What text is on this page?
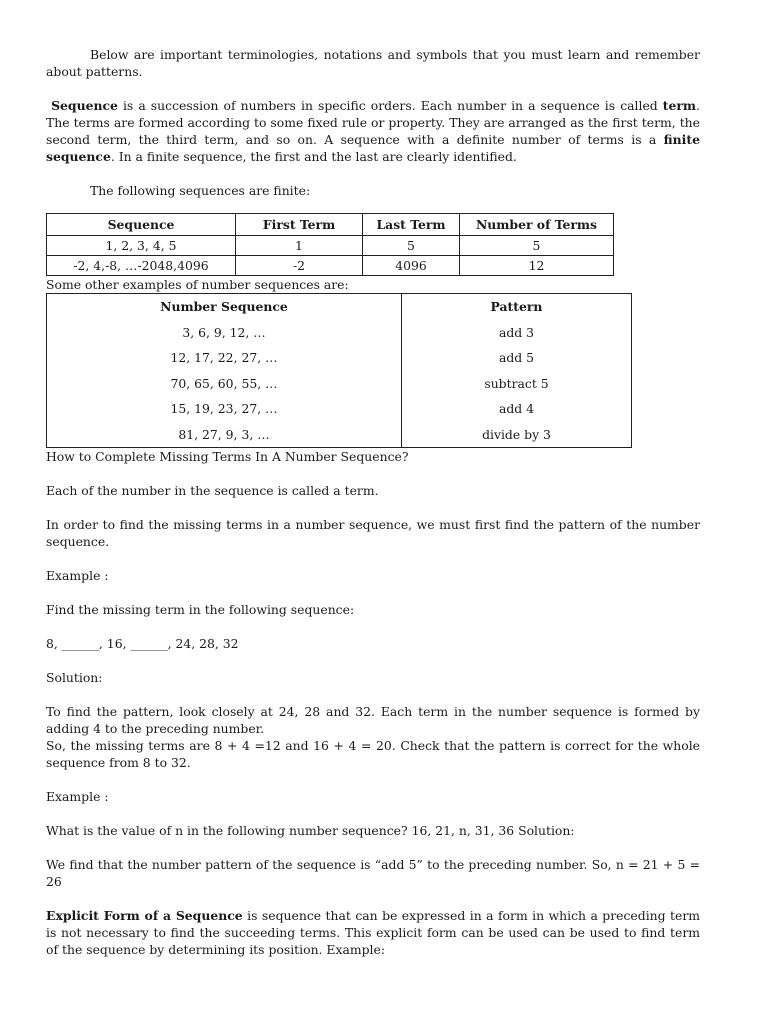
Below are important terminologies, notations and symbols that you must learn and remember about patterns.

Sequence is a succession of numbers in specific orders. Each number in a sequence is called term. The terms are formed according to some fixed rule or property. They are arranged as the first term, the second term, the third term, and so on. A sequence with a definite number of terms is a finite sequence. In a finite sequence, the first and the last are clearly identified.

The following sequences are finite:

Sequence	First Term	Last Term	Number of Terms
1, 2, 3, 4, 5	1	5	5
-2, 4,-8, …-2048,4096	-2	4096	12

Some other examples of number sequences are:

Number Sequence	Pattern
3, 6, 9, 12, …	add 3
12, 17, 22, 27, …	add 5
70, 65, 60, 55, …	subtract 5
15, 19, 23, 27, …	add 4
81, 27, 9, 3, …	divide by 3

How to Complete Missing Terms In A Number Sequence?

Each of the number in the sequence is called a term.

In order to find the missing terms in a number sequence, we must first find the pattern of the number sequence.

Example :

Find the missing term in the following sequence:

8, ______, 16, ______, 24, 28, 32

Solution:

To find the pattern, look closely at 24, 28 and 32. Each term in the number sequence is formed by adding 4 to the preceding number.

So, the missing terms are 8 + 4 =12 and 16 + 4 = 20. Check that the pattern is correct for the whole sequence from 8 to 32.

Example :

What is the value of n in the following number sequence? 16, 21, n, 31, 36 Solution:

We find that the number pattern of the sequence is “add 5” to the preceding number. So, n = 21 + 5 = 26

Explicit Form of a Sequence is sequence that can be expressed in a form in which a preceding term is not necessary to find the succeeding terms. This explicit form can be used can be used to find term of the sequence by determining its position. Example:
